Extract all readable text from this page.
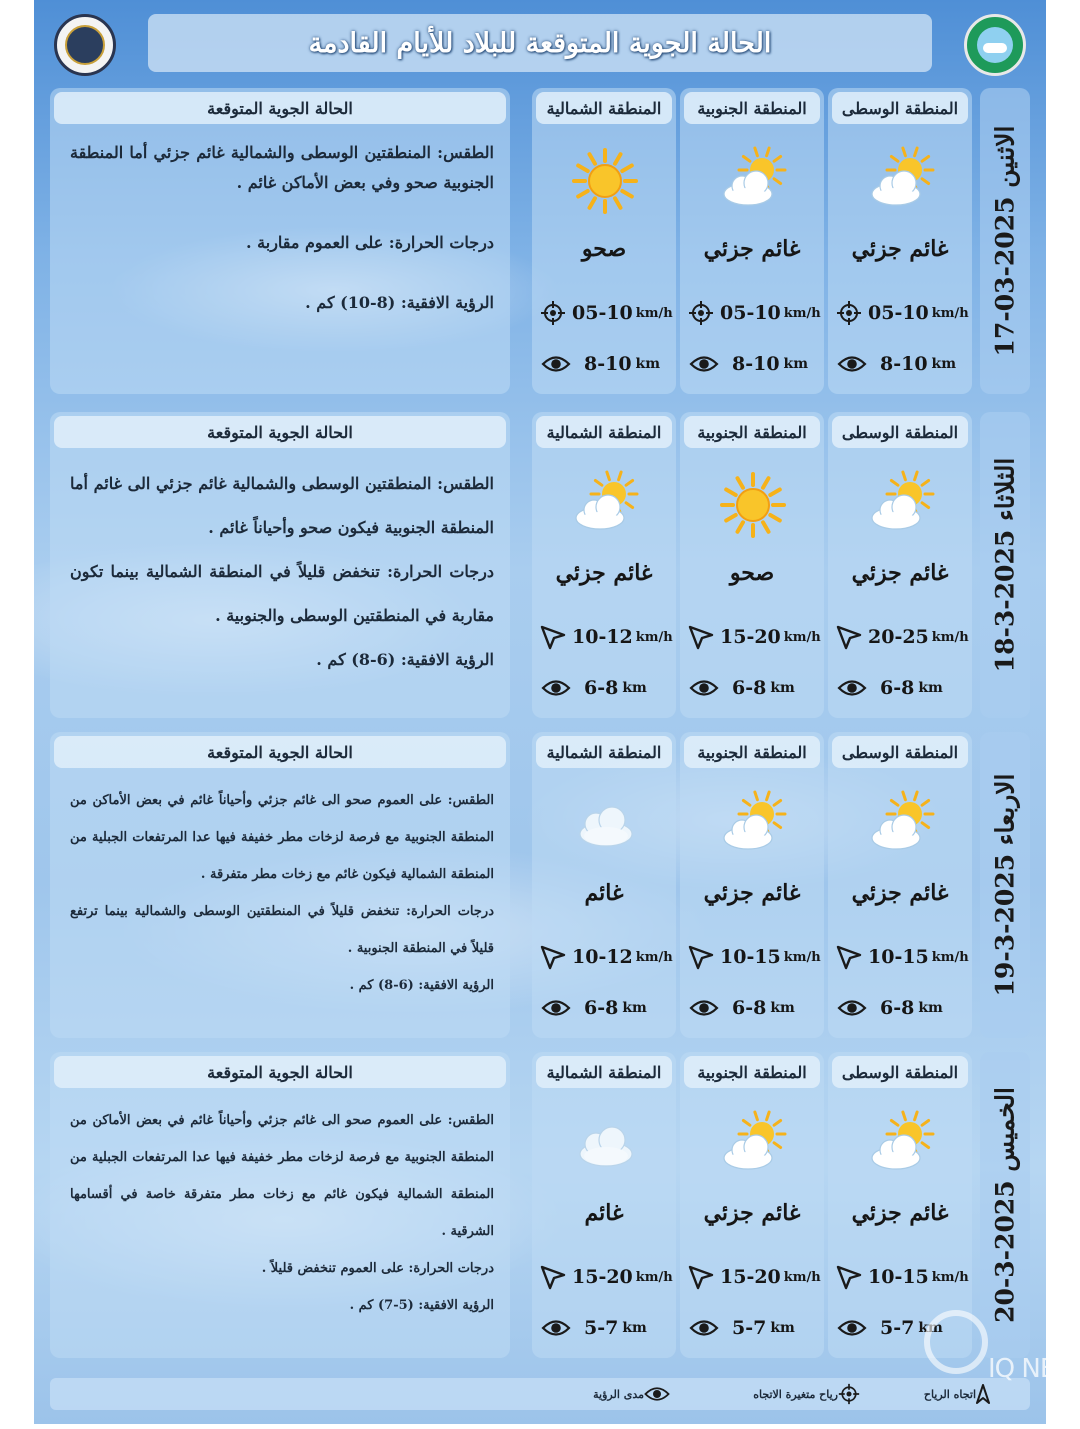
الحالة الجوية المتوقعة للبلاد للأيام القادمة
الحالة الجوية المتوقعة

الطقس: المنطقتين الوسطى والشمالية غائم جزئي أما المنطقة الجنوبية صحو وفي بعض الأماكن غائم .

درجات الحرارة: على العموم مقاربة .

الرؤية الافقية: (8-10) كم .

المنطقة الوسطى
غائم جزئي
05-10 km/h
8-10 km
المنطقة الجنوبية
غائم جزئي
05-10 km/h
8-10 km
المنطقة الشمالية
صحو
05-10 km/h
8-10 km
الاثنين 2025-03-17
الحالة الجوية المتوقعة

الطقس: المنطقتين الوسطى والشمالية غائم جزئي الى غائم أما المنطقة الجنوبية فيكون صحو وأحياناً غائم .

درجات الحرارة: تنخفض قليلاً في المنطقة الشمالية بينما تكون مقاربة في المنطقتين الوسطى والجنوبية .

الرؤية الافقية: (6-8) كم .

المنطقة الوسطى
غائم جزئي
20-25 km/h
6-8 km
المنطقة الجنوبية
صحو
15-20 km/h
6-8 km
المنطقة الشمالية
غائم جزئي
10-12 km/h
6-8 km
الثلاثاء 2025-3-18
الحالة الجوية المتوقعة

الطقس: على العموم صحو الى غائم جزئي وأحياناً غائم في بعض الأماكن من المنطقة الجنوبية مع فرصة لزخات مطر خفيفة فيها عدا المرتفعات الجبلية من المنطقة الشمالية فيكون غائم مع زخات مطر متفرقة .

درجات الحرارة: تنخفض قليلاً في المنطقتين الوسطى والشمالية بينما ترتفع قليلاً في المنطقة الجنوبية .

الرؤية الافقية: (6-8) كم .

المنطقة الوسطى
غائم جزئي
10-15 km/h
6-8 km
المنطقة الجنوبية
غائم جزئي
10-15 km/h
6-8 km
المنطقة الشمالية
غائم
10-12 km/h
6-8 km
الاربعاء 2025-3-19
الحالة الجوية المتوقعة

الطقس: على العموم صحو الى غائم جزئي وأحياناً غائم في بعض الأماكن من المنطقة الجنوبية مع فرصة لزخات مطر خفيفة فيها عدا المرتفعات الجبلية من المنطقة الشمالية فيكون غائم مع زخات مطر متفرقة خاصة في أقسامها الشرقية .

درجات الحرارة: على العموم تنخفض قليلاً .

الرؤية الافقية: (5-7) كم .

المنطقة الوسطى
غائم جزئي
10-15 km/h
5-7 km
المنطقة الجنوبية
غائم جزئي
15-20 km/h
5-7 km
المنطقة الشمالية
غائم
15-20 km/h
5-7 km
الخميس 2025-3-20
اتجاه الرياح
رياح متغيرة الاتجاه
مدى الرؤية
IQ NEW
